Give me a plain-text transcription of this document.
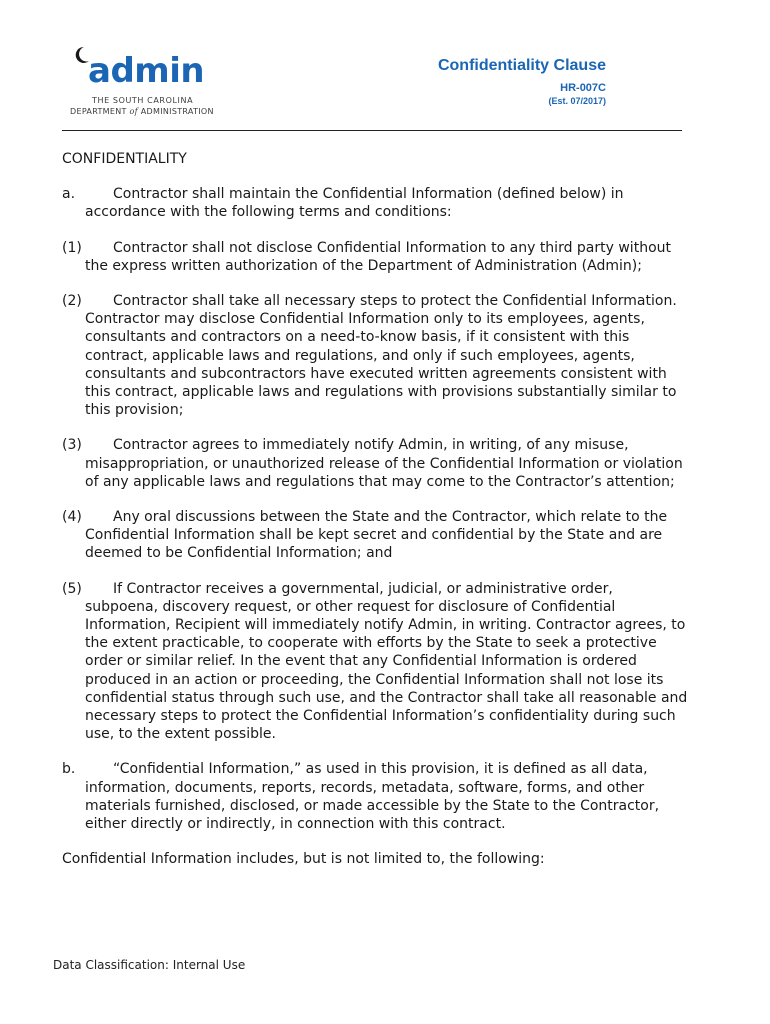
admin
THE SOUTH CAROLINA
DEPARTMENT of ADMINISTRATION
Confidentiality Clause
HR-007C
(Est. 07/2017)
CONFIDENTIALITY
a.	Contractor shall maintain the Confidential Information (defined below) in accordance with the following terms and conditions:
(1)	Contractor shall not disclose Confidential Information to any third party without the express written authorization of the Department of Administration (Admin);
(2)	Contractor shall take all necessary steps to protect the Confidential Information. Contractor may disclose Confidential Information only to its employees, agents, consultants and contractors on a need-to-know basis, if it consistent with this contract, applicable laws and regulations, and only if such employees, agents, consultants and subcontractors have executed written agreements consistent with this contract, applicable laws and regulations with provisions substantially similar to this provision;
(3)	Contractor agrees to immediately notify Admin, in writing, of any misuse, misappropriation, or unauthorized release of the Confidential Information or violation of any applicable laws and regulations that may come to the Contractor’s attention;
(4)	Any oral discussions between the State and the Contractor, which relate to the Confidential Information shall be kept secret and confidential by the State and are deemed to be Confidential Information; and
(5)	If Contractor receives a governmental, judicial, or administrative order, subpoena, discovery request, or other request for disclosure of Confidential Information, Recipient will immediately notify Admin, in writing. Contractor agrees, to the extent practicable, to cooperate with efforts by the State to seek a protective order or similar relief. In the event that any Confidential Information is ordered produced in an action or proceeding, the Confidential Information shall not lose its confidential status through such use, and the Contractor shall take all reasonable and necessary steps to protect the Confidential Information’s confidentiality during such use, to the extent possible.
b.	“Confidential Information,” as used in this provision, it is defined as all data, information, documents, reports, records, metadata, software, forms, and other materials furnished, disclosed, or made accessible by the State to the Contractor, either directly or indirectly, in connection with this contract.
Confidential Information includes, but is not limited to, the following:
Data Classification: Internal Use
